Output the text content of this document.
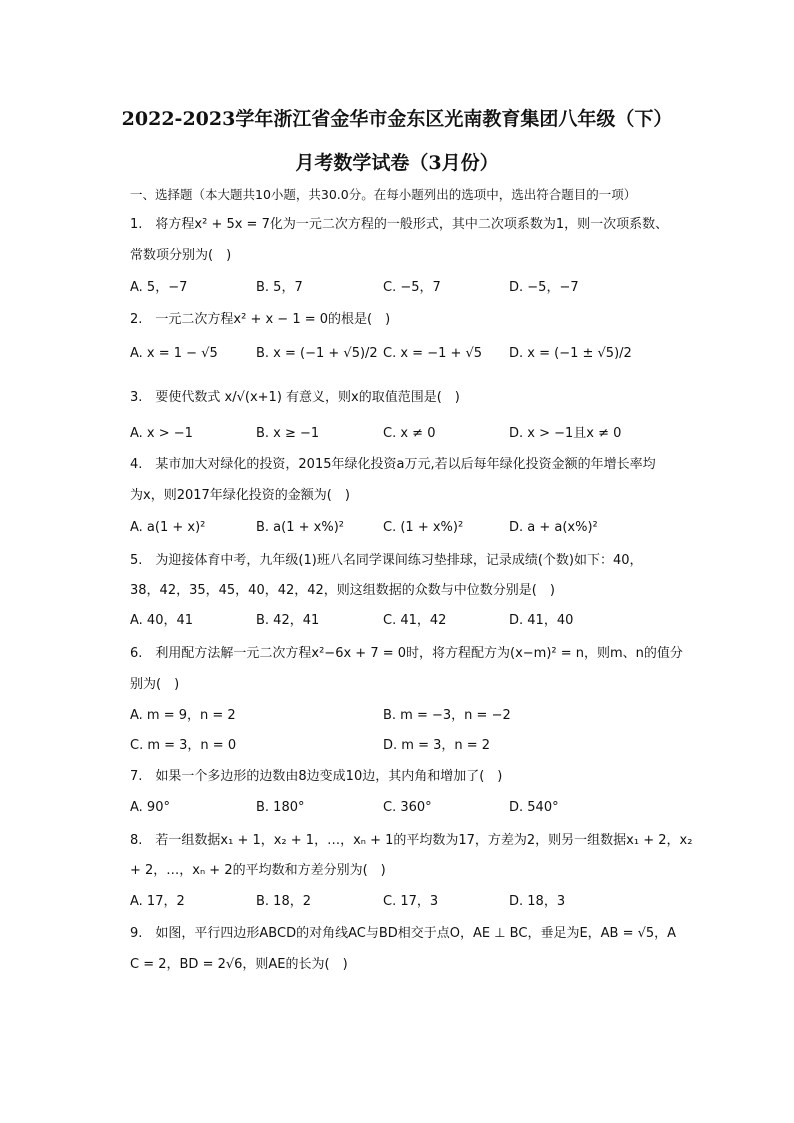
2022-2023学年浙江省金华市金东区光南教育集团八年级（下）
月考数学试卷（3月份）
一、选择题（本大题共10小题，共30.0分。在每小题列出的选项中，选出符合题目的一项）
1.　将方程x² + 5x = 7化为一元二次方程的一般形式，其中二次项系数为1，则一次项系数、
常数项分别为(　)
A. 5，−7	B. 5，7	C. −5，7	D. −5，−7
2.　一元二次方程x² + x − 1 = 0的根是(　)
A. x = 1 − √5	B. x = (−1 + √5)/2 C. x = −1 + √5 D. x = (−1 ± √5)/2
3.　要使代数式 x/√(x+1) 有意义，则x的取值范围是(　)
A. x > −1	B. x ≥ −1	C. x ≠ 0	D. x > −1且x ≠ 0
4.　某市加大对绿化的投资，2015年绿化投资a万元,若以后每年绿化投资金额的年增长率均
为x，则2017年绿化投资的金额为(　)
A. a(1 + x)²	B. a(1 + x%)²	C. (1 + x%)²	D. a + a(x%)²
5.　为迎接体育中考，九年级(1)班八名同学课间练习垫排球，记录成绩(个数)如下：40，
38，42，35，45，40，42，42，则这组数据的众数与中位数分别是(　)
A. 40，41	B. 42，41	C. 41，42	D. 41，40
6.　利用配方法解一元二次方程x²−6x + 7 = 0时，将方程配方为(x−m)² = n，则m、n的值分
别为(　)
A. m = 9，n = 2	B. m = −3，n = −2
C. m = 3，n = 0	D. m = 3，n = 2
7.　如果一个多边形的边数由8边变成10边，其内角和增加了(　)
A. 90°	B. 180°	C. 360°	D. 540°
8.　若一组数据x₁ + 1，x₂ + 1，…，xₙ + 1的平均数为17，方差为2，则另一组数据x₁ + 2，x₂
+ 2，…，xₙ + 2的平均数和方差分别为(　)
A. 17，2	B. 18，2	C. 17，3	D. 18，3
9.　如图，平行四边形ABCD的对角线AC与BD相交于点O，AE ⊥ BC，垂足为E，AB = √5，A
C = 2，BD = 2√6，则AE的长为(　)
